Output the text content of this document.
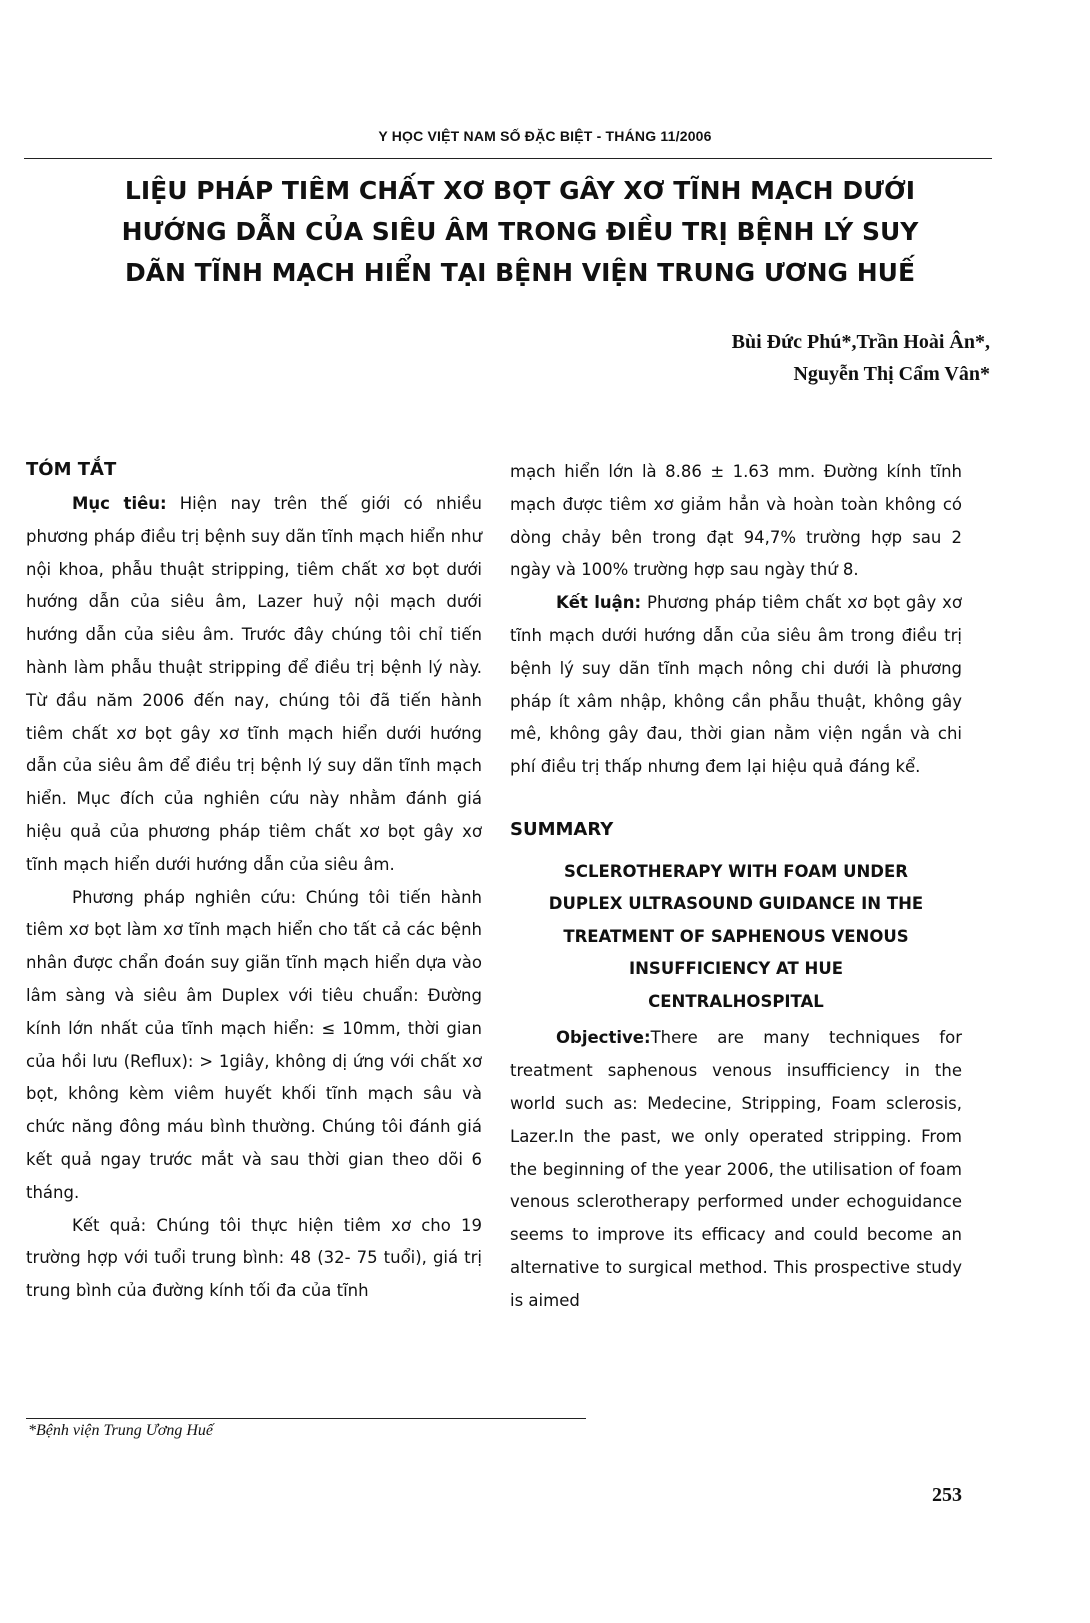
Y HỌC VIỆT NAM SỐ ĐẶC BIỆT - THÁNG 11/2006
LIỆU PHÁP TIÊM CHẤT XƠ BỌT GÂY XƠ TĨNH MẠCH DƯỚI
HƯỚNG DẪN CỦA SIÊU ÂM TRONG ĐIỀU TRỊ BỆNH LÝ SUY
DÃN TĨNH MẠCH HIỂN TẠI BỆNH VIỆN TRUNG ƯƠNG HUẾ
Bùi Đức Phú*,Trần Hoài Ân*,
Nguyễn Thị Cẩm Vân*
TÓM TẮT

Mục tiêu: Hiện nay trên thế giới có nhiều phương pháp điều trị bệnh suy dãn tĩnh mạch hiển như nội khoa, phẫu thuật stripping, tiêm chất xơ bọt dưới hướng dẫn của siêu âm, Lazer huỷ nội mạch dưới hướng dẫn của siêu âm. Trước đây chúng tôi chỉ tiến hành làm phẫu thuật stripping để điều trị bệnh lý này. Từ đầu năm 2006 đến nay, chúng tôi đã tiến hành tiêm chất xơ bọt gây xơ tĩnh mạch hiển dưới hướng dẫn của siêu âm để điều trị bệnh lý suy dãn tĩnh mạch hiển. Mục đích của nghiên cứu này nhằm đánh giá hiệu quả của phương pháp tiêm chất xơ bọt gây xơ tĩnh mạch hiển dưới hướng dẫn của siêu âm.

Phương pháp nghiên cứu: Chúng tôi tiến hành tiêm xơ bọt làm xơ tĩnh mạch hiển cho tất cả các bệnh nhân được chẩn đoán suy giãn tĩnh mạch hiển dựa vào lâm sàng và siêu âm Duplex với tiêu chuẩn: Đường kính lớn nhất của tĩnh mạch hiển: ≤ 10mm, thời gian của hồi lưu (Reflux): > 1giây, không dị ứng với chất xơ bọt, không kèm viêm huyết khối tĩnh mạch sâu và chức năng đông máu bình thường. Chúng tôi đánh giá kết quả ngay trước mắt và sau thời gian theo dõi 6 tháng.

Kết quả: Chúng tôi thực hiện tiêm xơ cho 19 trường hợp với tuổi trung bình: 48 (32- 75 tuổi), giá trị trung bình của đường kính tối đa của tĩnh

mạch hiển lớn là 8.86 ± 1.63 mm. Đường kính tĩnh mạch được tiêm xơ giảm hẳn và hoàn toàn không có dòng chảy bên trong đạt 94,7% trường hợp sau 2 ngày và 100% trường hợp sau ngày thứ 8.

Kết luận: Phương pháp tiêm chất xơ bọt gây xơ tĩnh mạch dưới hướng dẫn của siêu âm trong điều trị bệnh lý suy dãn tĩnh mạch nông chi dưới là phương pháp ít xâm nhập, không cần phẫu thuật, không gây mê, không gây đau, thời gian nằm viện ngắn và chi phí điều trị thấp nhưng đem lại hiệu quả đáng kể.

SUMMARY
SCLEROTHERAPY WITH FOAM UNDER
DUPLEX ULTRASOUND GUIDANCE IN THE
TREATMENT OF SAPHENOUS VENOUS
INSUFFICIENCY AT HUE
CENTRALHOSPITAL

Objective:There are many techniques for treatment saphenous venous insufficiency in the world such as: Medecine, Stripping, Foam sclerosis, Lazer.In the past, we only operated stripping. From the beginning of the year 2006, the utilisation of foam venous sclerotherapy performed under echoguidance seems to improve its efficacy and could become an alternative to surgical method. This prospective study is aimed

*Bệnh viện Trung Ương Huế
253
